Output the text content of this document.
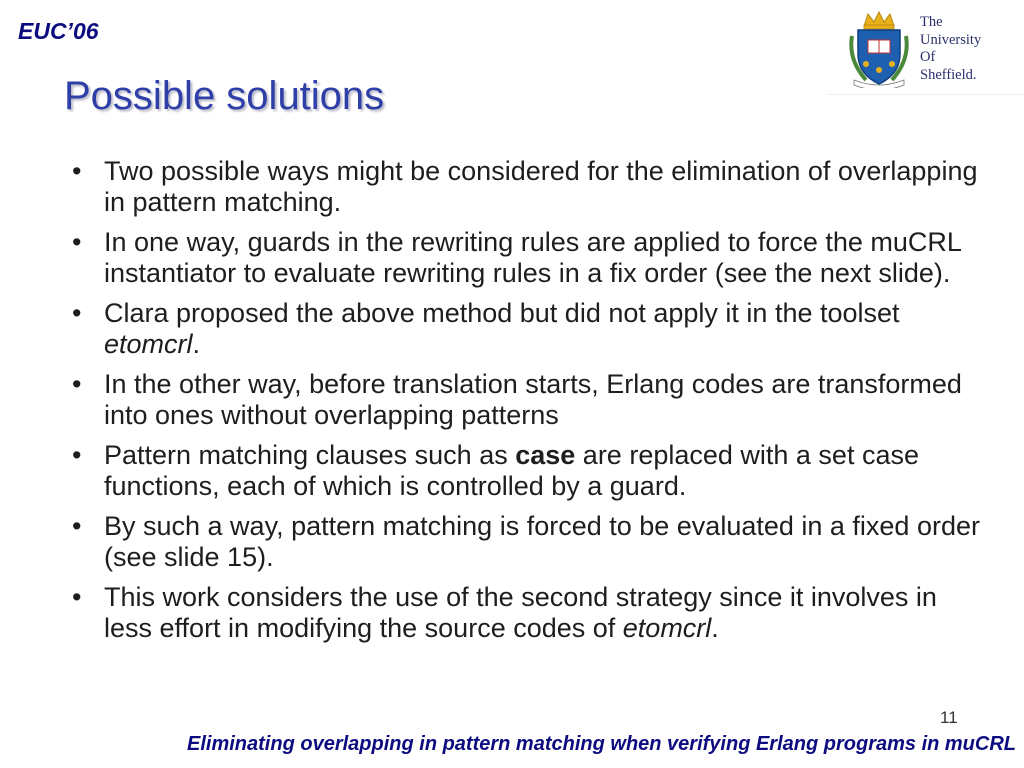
EUC’06	The
University
Of
Sheffield.
Possible solutions
• Two possible ways might be considered for the elimination of overlapping in pattern matching.
• In one way, guards in the rewriting rules are applied to force the muCRL instantiator to evaluate rewriting rules in a fix order (see the next slide).
• Clara proposed the above method but did not apply it in the toolset etomcrl.
• In the other way, before translation starts, Erlang codes are transformed into ones without overlapping patterns
• Pattern matching clauses such as case are replaced with a set case functions, each of which is controlled by a guard.
• By such a way, pattern matching is forced to be evaluated in a fixed order (see slide 15).
• This work considers the use of the second strategy since it involves in less effort in modifying the source codes of etomcrl.
11
Eliminating overlapping in pattern matching when verifying Erlang programs in muCRL
